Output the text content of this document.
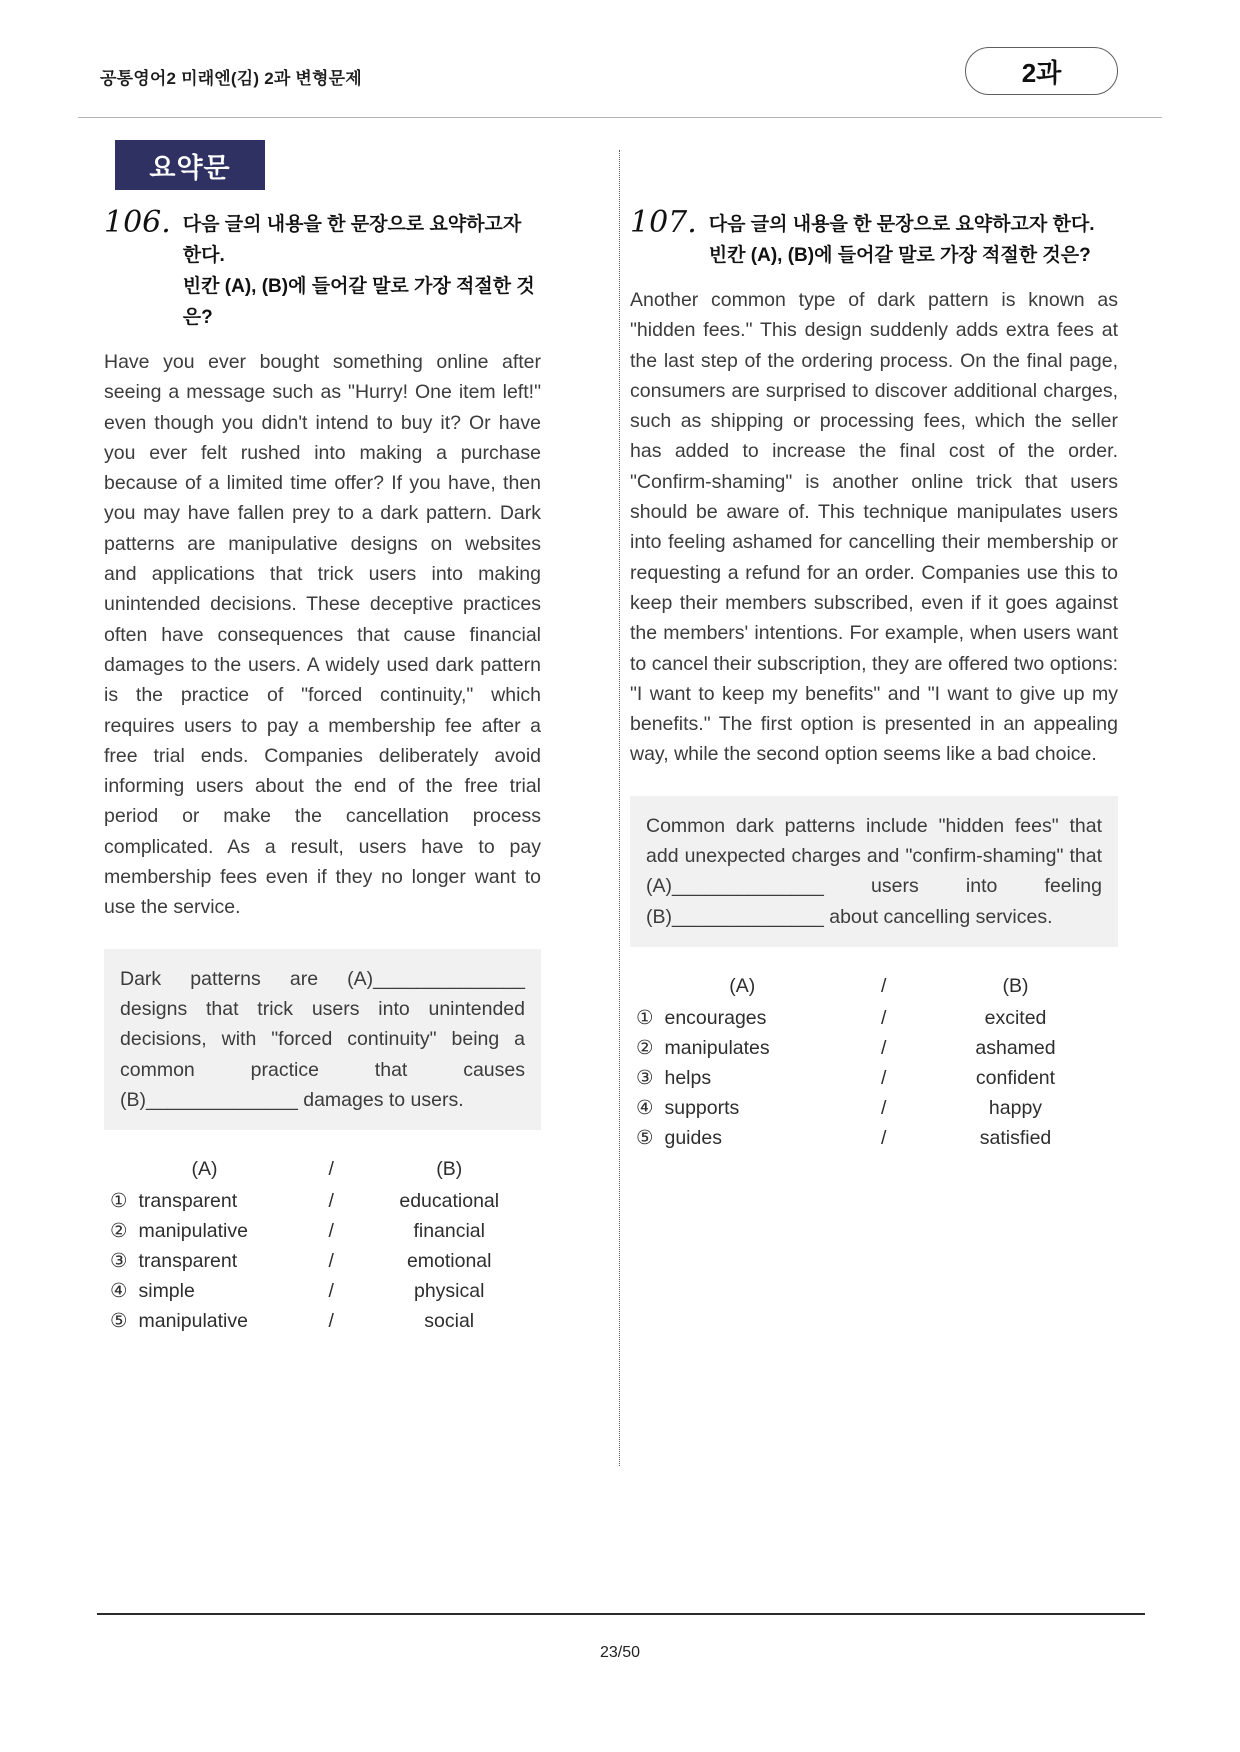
공통영어2 미래엔(김) 2과 변형문제	2과
요약문
106. 다음 글의 내용을 한 문장으로 요약하고자 한다.
빈칸 (A), (B)에 들어갈 말로 가장 적절한 것은?

Have you ever bought something online after seeing a message such as "Hurry! One item left!" even though you didn't intend to buy it? Or have you ever felt rushed into making a purchase because of a limited time offer? If you have, then you may have fallen prey to a dark pattern. Dark patterns are manipulative designs on websites and applications that trick users into making unintended decisions. These deceptive practices often have consequences that cause financial damages to the users. A widely used dark pattern is the practice of "forced continuity," which requires users to pay a membership fee after a free trial ends. Companies deliberately avoid informing users about the end of the free trial period or make the cancellation process complicated. As a result, users have to pay membership fees even if they no longer want to use the service.

Dark patterns are (A)______________ designs that trick users into unintended decisions, with "forced continuity" being a common practice that causes (B)______________ damages to users.
(A)	/	(B)
① transparent	/	educational
② manipulative	/	financial
③ transparent	/	emotional
④ simple	/	physical
⑤ manipulative	/	social
107. 다음 글의 내용을 한 문장으로 요약하고자 한다.
빈칸 (A), (B)에 들어갈 말로 가장 적절한 것은?

Another common type of dark pattern is known as "hidden fees." This design suddenly adds extra fees at the last step of the ordering process. On the final page, consumers are surprised to discover additional charges, such as shipping or processing fees, which the seller has added to increase the final cost of the order. "Confirm-shaming" is another online trick that users should be aware of. This technique manipulates users into feeling ashamed for cancelling their membership or requesting a refund for an order. Companies use this to keep their members subscribed, even if it goes against the members' intentions. For example, when users want to cancel their subscription, they are offered two options: "I want to keep my benefits" and "I want to give up my benefits." The first option is presented in an appealing way, while the second option seems like a bad choice.

Common dark patterns include "hidden fees" that add unexpected charges and "confirm-shaming" that (A)______________ users into feeling (B)______________ about cancelling services.
(A)	/	(B)
① encourages	/	excited
② manipulates	/	ashamed
③ helps	/	confident
④ supports	/	happy
⑤ guides	/	satisfied
23/50
